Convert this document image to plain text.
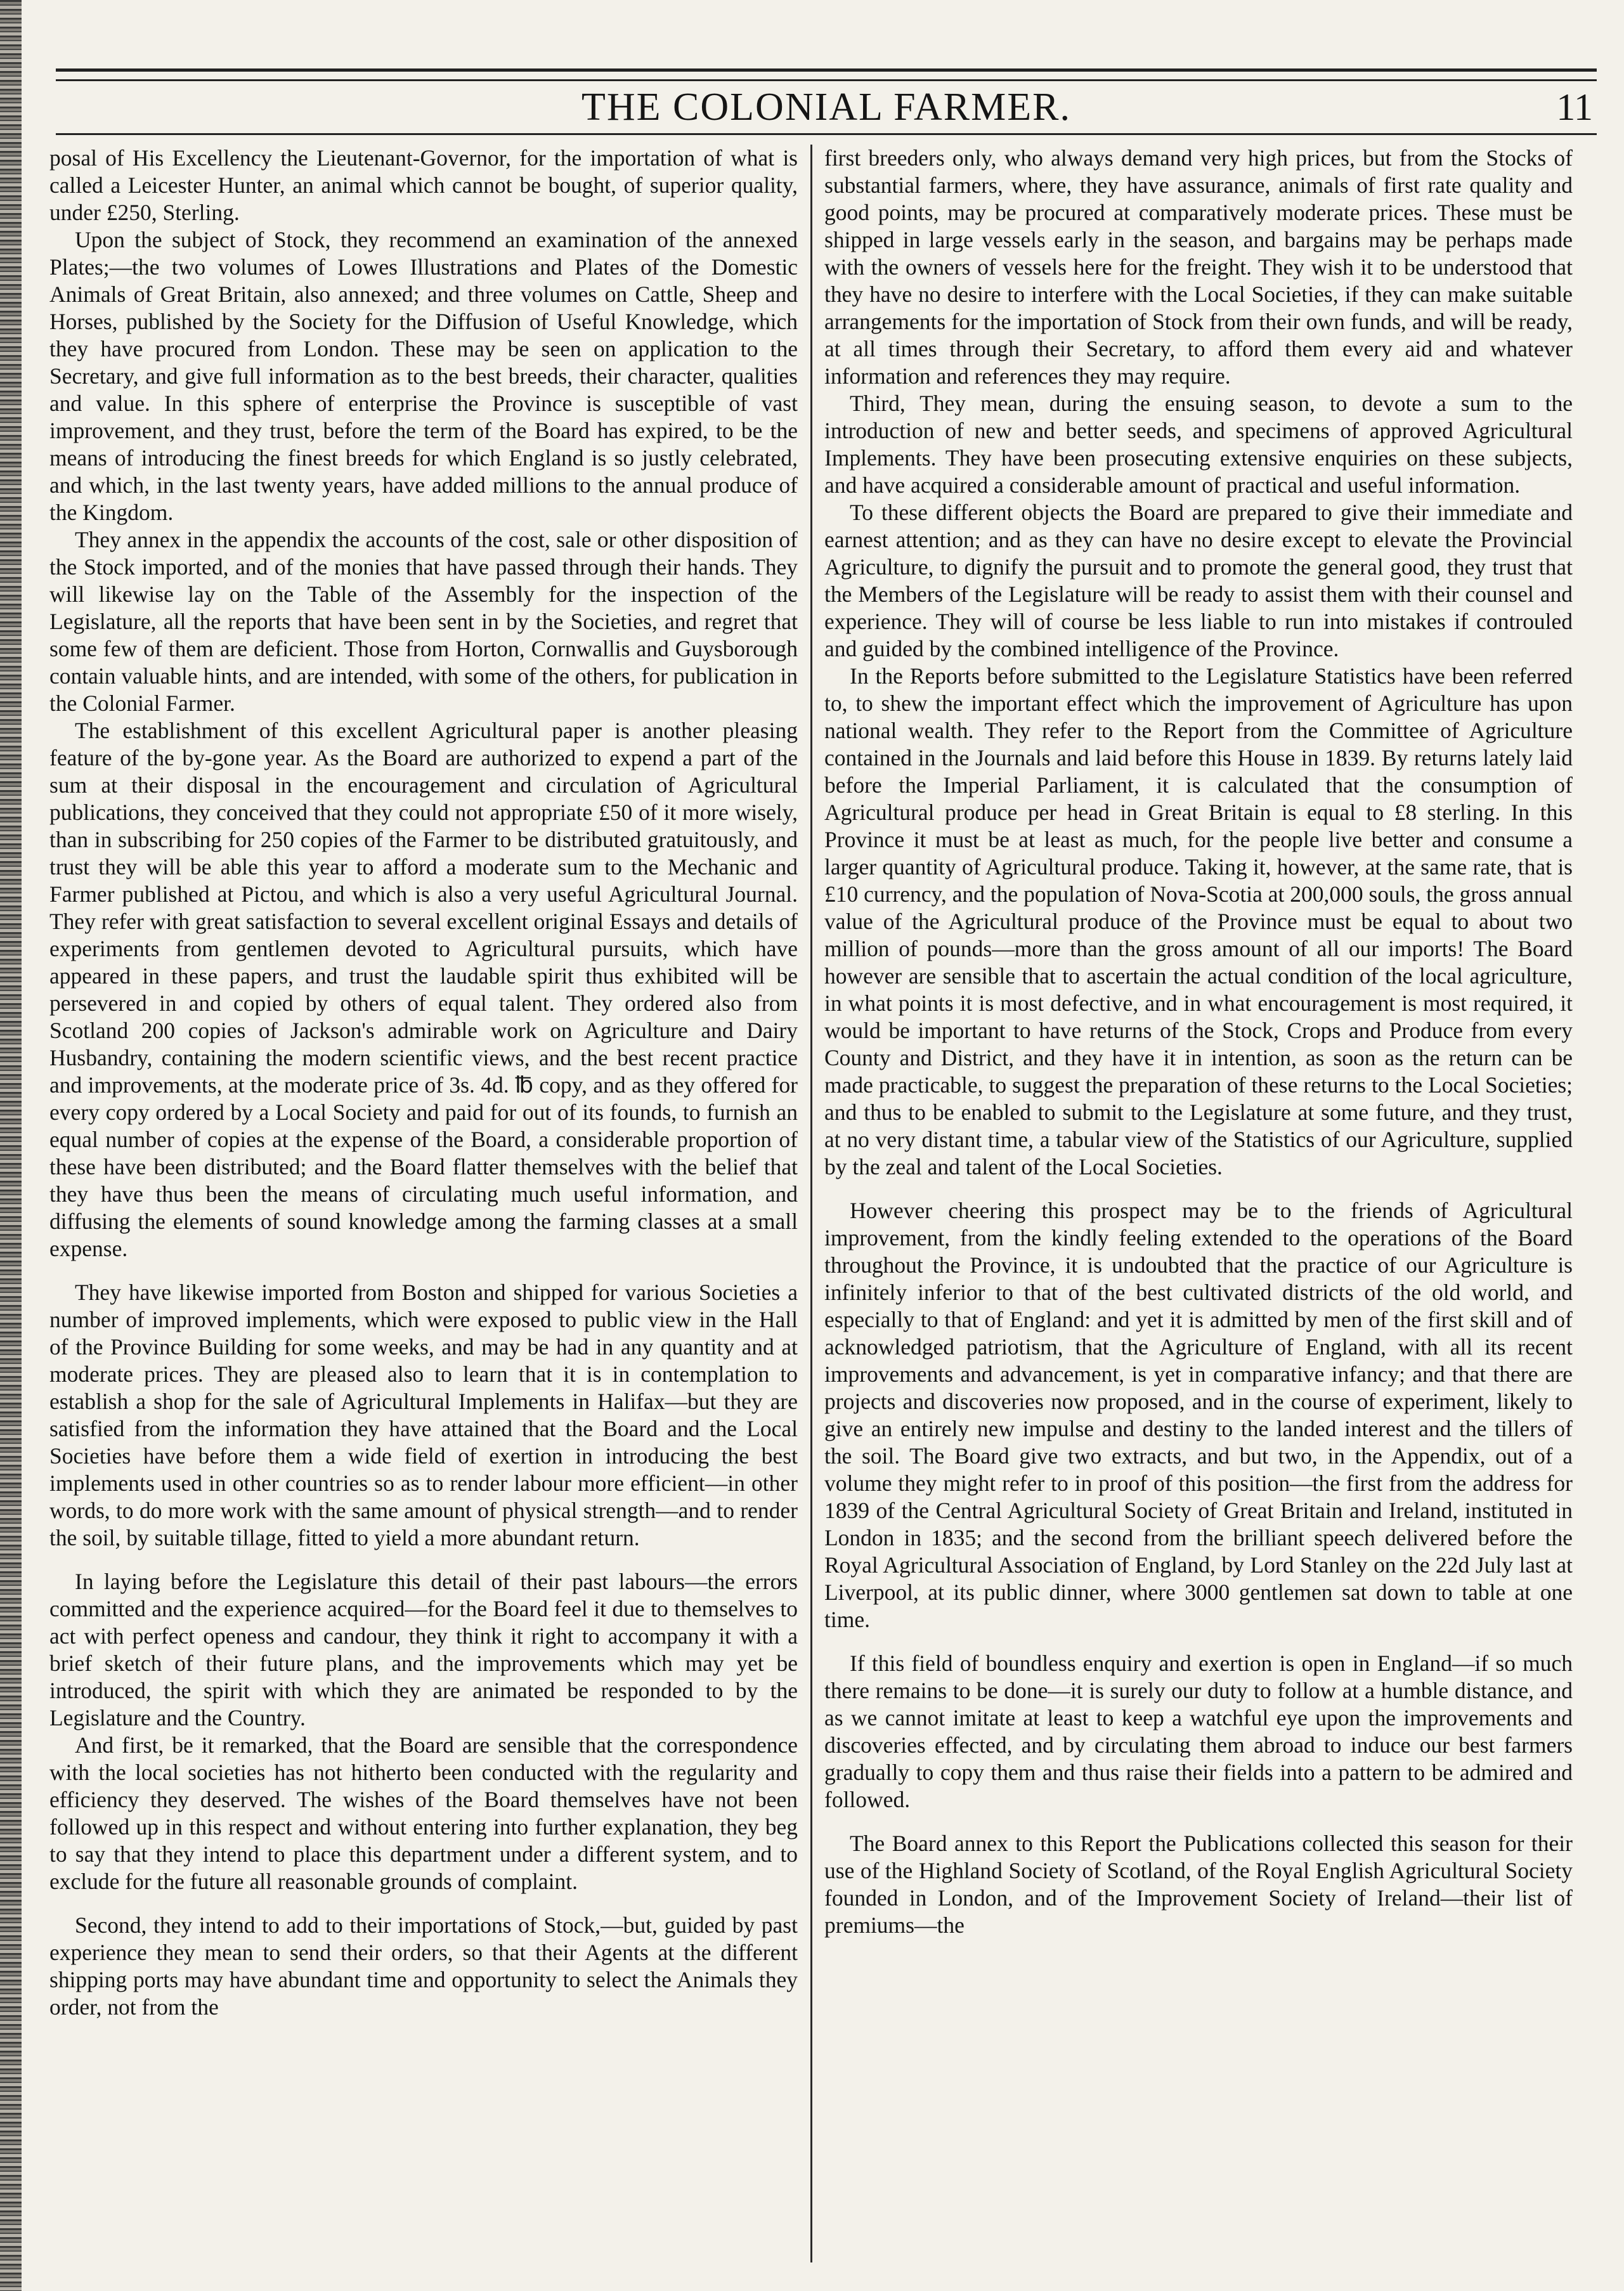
THE COLONIAL FARMER.	11

posal of His Excellency the Lieutenant-Governor, for the importation of what is called a Leicester Hunter, an animal which cannot be bought, of superior quality, under £250, Sterling.

Upon the subject of Stock, they recommend an examination of the annexed Plates;—the two volumes of Lowes Illustrations and Plates of the Domestic Animals of Great Britain, also annexed; and three volumes on Cattle, Sheep and Horses, published by the Society for the Diffusion of Useful Knowledge, which they have procured from London. These may be seen on application to the Secretary, and give full information as to the best breeds, their character, qualities and value. In this sphere of enterprise the Province is susceptible of vast improvement, and they trust, before the term of the Board has expired, to be the means of introducing the finest breeds for which England is so justly celebrated, and which, in the last twenty years, have added millions to the annual produce of the Kingdom.

They annex in the appendix the accounts of the cost, sale or other disposition of the Stock imported, and of the monies that have passed through their hands. They will likewise lay on the Table of the Assembly for the inspection of the Legislature, all the reports that have been sent in by the Societies, and regret that some few of them are deficient. Those from Horton, Cornwallis and Guysborough contain valuable hints, and are intended, with some of the others, for publication in the Colonial Farmer.

The establishment of this excellent Agricultural paper is another pleasing feature of the by-gone year. As the Board are authorized to expend a part of the sum at their disposal in the encouragement and circulation of Agricultural publications, they conceived that they could not appropriate £50 of it more wisely, than in subscribing for 250 copies of the Farmer to be distributed gratuitously, and trust they will be able this year to afford a moderate sum to the Mechanic and Farmer published at Pictou, and which is also a very useful Agricultural Journal. They refer with great satisfaction to several excellent original Essays and details of experiments from gentlemen devoted to Agricultural pursuits, which have appeared in these papers, and trust the laudable spirit thus exhibited will be persevered in and copied by others of equal talent. They ordered also from Scotland 200 copies of Jackson's admirable work on Agriculture and Dairy Husbandry, containing the modern scientific views, and the best recent practice and improvements, at the moderate price of 3s. 4d. ℔ copy, and as they offered for every copy ordered by a Local Society and paid for out of its founds, to furnish an equal number of copies at the expense of the Board, a considerable proportion of these have been distributed; and the Board flatter themselves with the belief that they have thus been the means of circulating much useful information, and diffusing the elements of sound knowledge among the farming classes at a small expense.

They have likewise imported from Boston and shipped for various Societies a number of improved implements, which were exposed to public view in the Hall of the Province Building for some weeks, and may be had in any quantity and at moderate prices. They are pleased also to learn that it is in contemplation to establish a shop for the sale of Agricultural Implements in Halifax—but they are satisfied from the information they have attained that the Board and the Local Societies have before them a wide field of exertion in introducing the best implements used in other countries so as to render labour more efficient—in other words, to do more work with the same amount of physical strength—and to render the soil, by suitable tillage, fitted to yield a more abundant return.

In laying before the Legislature this detail of their past labours—the errors committed and the experience acquired—for the Board feel it due to themselves to act with perfect openess and candour, they think it right to accompany it with a brief sketch of their future plans, and the improvements which may yet be introduced, the spirit with which they are animated be responded to by the Legislature and the Country.

And first, be it remarked, that the Board are sensible that the correspondence with the local societies has not hitherto been conducted with the regularity and efficiency they deserved. The wishes of the Board themselves have not been followed up in this respect and without entering into further explanation, they beg to say that they intend to place this department under a different system, and to exclude for the future all reasonable grounds of complaint.

Second, they intend to add to their importations of Stock,—but, guided by past experience they mean to send their orders, so that their Agents at the different shipping ports may have abundant time and opportunity to select the Animals they order, not from the

first breeders only, who always demand very high prices, but from the Stocks of substantial farmers, where, they have assurance, animals of first rate quality and good points, may be procured at comparatively moderate prices. These must be shipped in large vessels early in the season, and bargains may be perhaps made with the owners of vessels here for the freight. They wish it to be understood that they have no desire to interfere with the Local Societies, if they can make suitable arrangements for the importation of Stock from their own funds, and will be ready, at all times through their Secretary, to afford them every aid and whatever information and references they may require.

Third, They mean, during the ensuing season, to devote a sum to the introduction of new and better seeds, and specimens of approved Agricultural Implements. They have been prosecuting extensive enquiries on these subjects, and have acquired a considerable amount of practical and useful information.

To these different objects the Board are prepared to give their immediate and earnest attention; and as they can have no desire except to elevate the Provincial Agriculture, to dignify the pursuit and to promote the general good, they trust that the Members of the Legislature will be ready to assist them with their counsel and experience. They will of course be less liable to run into mistakes if controuled and guided by the combined intelligence of the Province.

In the Reports before submitted to the Legislature Statistics have been referred to, to shew the important effect which the improvement of Agriculture has upon national wealth. They refer to the Report from the Committee of Agriculture contained in the Journals and laid before this House in 1839. By returns lately laid before the Imperial Parliament, it is calculated that the consumption of Agricultural produce per head in Great Britain is equal to £8 sterling. In this Province it must be at least as much, for the people live better and consume a larger quantity of Agricultural produce. Taking it, however, at the same rate, that is £10 currency, and the population of Nova-Scotia at 200,000 souls, the gross annual value of the Agricultural produce of the Province must be equal to about two million of pounds—more than the gross amount of all our imports! The Board however are sensible that to ascertain the actual condition of the local agriculture, in what points it is most defective, and in what encouragement is most required, it would be important to have returns of the Stock, Crops and Produce from every County and District, and they have it in intention, as soon as the return can be made practicable, to suggest the preparation of these returns to the Local Societies; and thus to be enabled to submit to the Legislature at some future, and they trust, at no very distant time, a tabular view of the Statistics of our Agriculture, supplied by the zeal and talent of the Local Societies.

However cheering this prospect may be to the friends of Agricultural improvement, from the kindly feeling extended to the operations of the Board throughout the Province, it is undoubted that the practice of our Agriculture is infinitely inferior to that of the best cultivated districts of the old world, and especially to that of England: and yet it is admitted by men of the first skill and of acknowledged patriotism, that the Agriculture of England, with all its recent improvements and advancement, is yet in comparative infancy; and that there are projects and discoveries now proposed, and in the course of experiment, likely to give an entirely new impulse and destiny to the landed interest and the tillers of the soil. The Board give two extracts, and but two, in the Appendix, out of a volume they might refer to in proof of this position—the first from the address for 1839 of the Central Agricultural Society of Great Britain and Ireland, instituted in London in 1835; and the second from the brilliant speech delivered before the Royal Agricultural Association of England, by Lord Stanley on the 22d July last at Liverpool, at its public dinner, where 3000 gentlemen sat down to table at one time.

If this field of boundless enquiry and exertion is open in England—if so much there remains to be done—it is surely our duty to follow at a humble distance, and as we cannot imitate at least to keep a watchful eye upon the improvements and discoveries effected, and by circulating them abroad to induce our best farmers gradually to copy them and thus raise their fields into a pattern to be admired and followed.

The Board annex to this Report the Publications collected this season for their use of the Highland Society of Scotland, of the Royal English Agricultural Society founded in London, and of the Improvement Society of Ireland—their list of premiums—the
